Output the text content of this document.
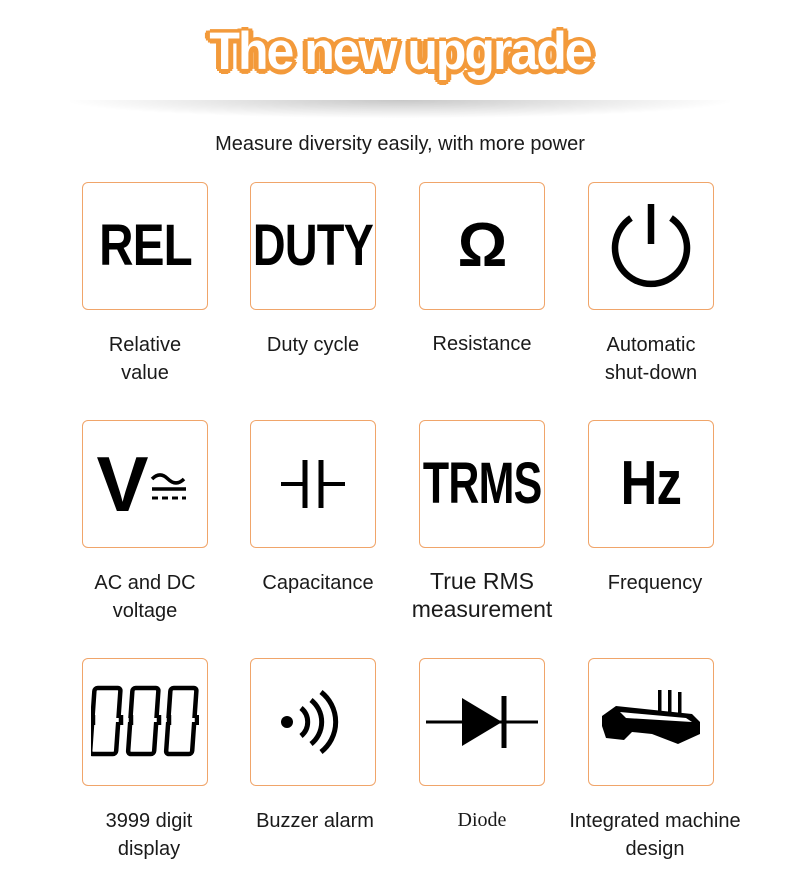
The new upgrade
Measure diversity easily, with more power
REL DUTY Ω
Relative
value
Duty cycle	Resistance	Automatic
shut-down
V	TRMS Hz
AC and DC
voltage
Capacitance	True RMS
measurement
Frequency
3999 digit
display
Buzzer alarm	Diode	Integrated machine
design
